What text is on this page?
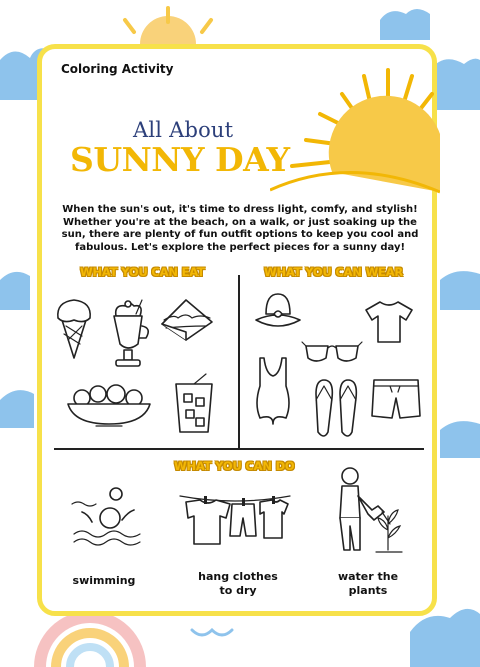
Coloring Activity
All About
SUNNY DAY
When the sun's out, it's time to dress light, comfy, and stylish! Whether you're at the beach, on a walk, or just soaking up the sun, there are plenty of fun outfit options to keep you cool and fabulous. Let's explore the perfect pieces for a sunny day!
WHAT YOU CAN EAT	WHAT YOU CAN WEAR
WHAT YOU CAN DO
swimming	hang clothes
to dry
water the
plants
